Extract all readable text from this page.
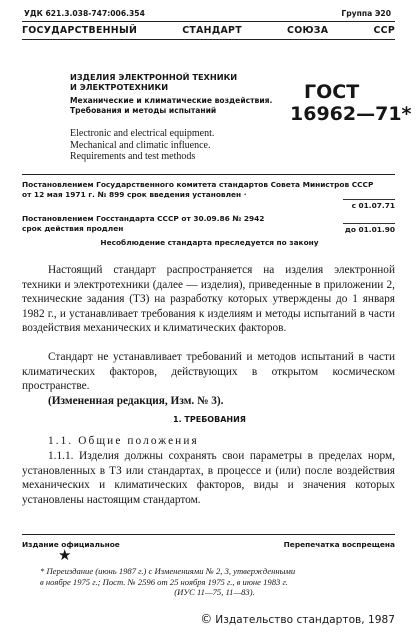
УДК 621.3.038-747:006.354	Группа Э20
ГОСУДАРСТВЕННЫЙ СТАНДАРТ СОЮЗА ССР
ИЗДЕЛИЯ ЭЛЕКТРОННОЙ ТЕХНИКИ
И ЭЛЕКТРОТЕХНИКИ
Механические и климатические воздействия.
Требования и методы испытаний
Electronic and electrical equipment.
Mechanical and climatic influence.
Requirements and test methods
ГОСТ
16962—71*
Постановлением Государственного комитета стандартов Совета Министров СССР
от 12 мая 1971 г. № 899 срок введения установлен ·
с 01.07.71
Постановлением Госстандарта СССР от 30.09.86 № 2942
срок действия продлен	до 01.01.90
Несоблюдение стандарта преследуется по закону
Настоящий стандарт распространяется на изделия электронной техники и электротехники (далее — изделия), приведенные в приложении 2, технические задания (ТЗ) на разработку которых утверждены до 1 января 1982 г., и устанавливает требования к изделиям и методы испытаний в части воздействия механических и климатических факторов.
Стандарт не устанавливает требований и методов испытаний в части климатических факторов, действующих в открытом космическом пространстве.
(Измененная редакция, Изм. № 3).
1. ТРЕБОВАНИЯ
1.1. Общие положения
1.1.1. Изделия должны сохранять свои параметры в пределах норм, установленных в ТЗ или стандартах, в процессе и (или) после воздействия механических и климатических факторов, виды и значения которых установлены настоящим стандартом.
Издание официальное	Перепечатка воспрещена
★
* Переиздание (июнь 1987 г.) с Изменениями № 2, 3, утвержденными
в ноябре 1975 г.; Пост. № 2596 от 25 ноября 1975 г., в июне 1983 г.
(ИУС 11—75, 11—83).
© Издательство стандартов, 1987
